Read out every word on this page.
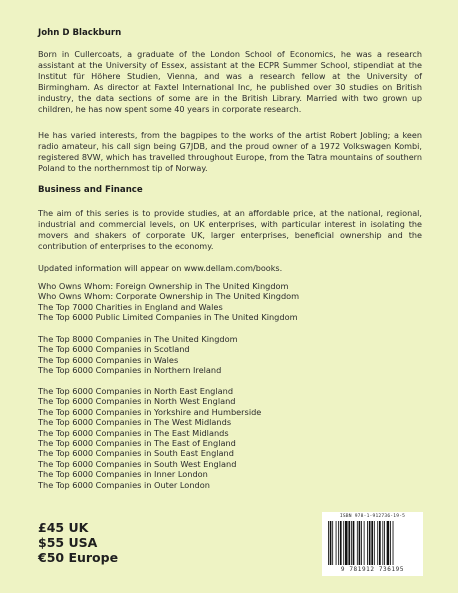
John D Blackburn

Born in Cullercoats, a graduate of the London School of Economics, he was a research assistant at the University of Essex, assistant at the ECPR Summer School, stipendiat at the Institut für Höhere Studien, Vienna, and was a research fellow at the University of Birmingham. As director at Faxtel International Inc, he published over 30 studies on British industry, the data sections of some are in the British Library. Married with two grown up children, he has now spent some 40 years in corporate research.

He has varied interests, from the bagpipes to the works of the artist Robert Jobling; a keen radio amateur, his call sign being G7JDB, and the proud owner of a 1972 Volkswagen Kombi, registered 8VW, which has travelled throughout Europe, from the Tatra mountains of southern Poland to the northernmost tip of Norway.

Business and Finance

The aim of this series is to provide studies, at an affordable price, at the national, regional, industrial and commercial levels, on UK enterprises, with particular interest in isolating the movers and shakers of corporate UK, larger enterprises, beneficial ownership and the contribution of enterprises to the economy.

Updated information will appear on www.dellam.com/books.
Who Owns Whom: Foreign Ownership in The United Kingdom
Who Owns Whom: Corporate Ownership in The United Kingdom
The Top 7000 Charities in England and Wales
The Top 6000 Public Limited Companies in The United Kingdom
The Top 8000 Companies in The United Kingdom
The Top 6000 Companies in Scotland
The Top 6000 Companies in Wales
The Top 6000 Companies in Northern Ireland
The Top 6000 Companies in North East England
The Top 6000 Companies in North West England
The Top 6000 Companies in Yorkshire and Humberside
The Top 6000 Companies in The West Midlands
The Top 6000 Companies in The East Midlands
The Top 6000 Companies in The East of England
The Top 6000 Companies in South East England
The Top 6000 Companies in South West England
The Top 6000 Companies in Inner London
The Top 6000 Companies in Outer London
£45 UK
$55 USA
€50 Europe
ISBN 978-1-912736-19-5
9 781912 736195
